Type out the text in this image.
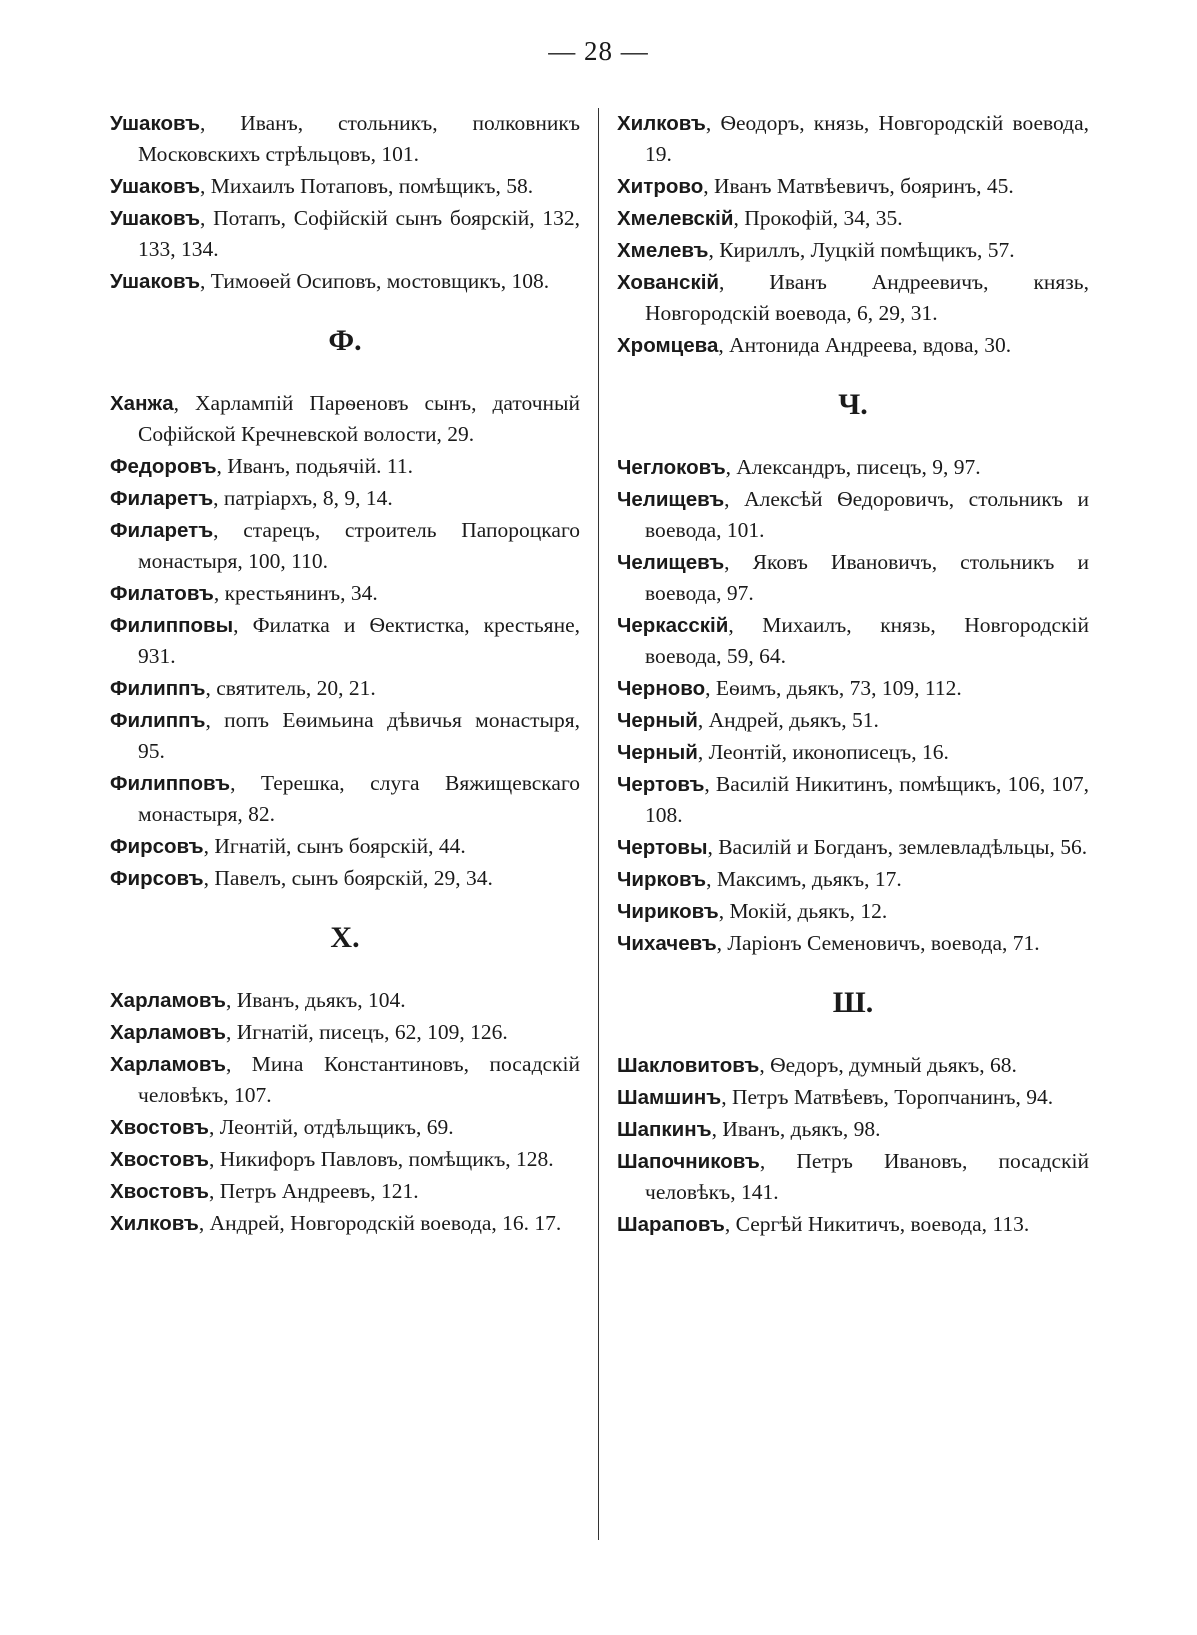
— 28 —

Ушаковъ, Иванъ, стольникъ, полковникъ Московскихъ стрѣльцовъ, 101.

Ушаковъ, Михаилъ Потаповъ, помѣщикъ, 58.

Ушаковъ, Потапъ, Софійскій сынъ боярскій, 132, 133, 134.

Ушаковъ, Тимоѳей Осиповъ, мостовщикъ, 108.

Ф.

Ханжа, Харлампій Парѳеновъ сынъ, даточный Софійской Кречневской волости, 29.

Федоровъ, Иванъ, подьячій. 11.

Филаретъ, патріархъ, 8, 9, 14.

Филаретъ, старецъ, строитель Папороцкаго монастыря, 100, 110.

Филатовъ, крестьянинъ, 34.

Филипповы, Филатка и Ѳектистка, крестьяне, 931.

Филиппъ, святитель, 20, 21.

Филиппъ, попъ Еѳимьина дѣвичья монастыря, 95.

Филипповъ, Терешка, слуга Вяжищевскаго монастыря, 82.

Фирсовъ, Игнатій, сынъ боярскій, 44.

Фирсовъ, Павелъ, сынъ боярскій, 29, 34.

X.

Харламовъ, Иванъ, дьякъ, 104.

Харламовъ, Игнатій, писецъ, 62, 109, 126.

Харламовъ, Мина Константиновъ, посадскій человѣкъ, 107.

Хвостовъ, Леонтій, отдѣльщикъ, 69.

Хвостовъ, Никифоръ Павловъ, помѣщикъ, 128.

Хвостовъ, Петръ Андреевъ, 121.

Хилковъ, Андрей, Новгородскій воевода, 16. 17.

Хилковъ, Ѳеодоръ, князь, Новгородскій воевода, 19.

Хитрово, Иванъ Матвѣевичъ, бояринъ, 45.

Хмелевскій, Прокофій, 34, 35.

Хмелевъ, Кириллъ, Луцкій помѣщикъ, 57.

Хованскій, Иванъ Андреевичъ, князь, Новгородскій воевода, 6, 29, 31.

Хромцева, Антонида Андреева, вдова, 30.

Ч.

Чеглоковъ, Александръ, писецъ, 9, 97.

Челищевъ, Алексѣй Ѳедоровичъ, стольникъ и воевода, 101.

Челищевъ, Яковъ Ивановичъ, стольникъ и воевода, 97.

Черкасскій, Михаилъ, князь, Новгородскій воевода, 59, 64.

Черново, Еѳимъ, дьякъ, 73, 109, 112.

Черный, Андрей, дьякъ, 51.

Черный, Леонтій, иконописецъ, 16.

Чертовъ, Василій Никитинъ, помѣщикъ, 106, 107, 108.

Чертовы, Василій и Богданъ, землевладѣльцы, 56.

Чирковъ, Максимъ, дьякъ, 17.

Чириковъ, Мокій, дьякъ, 12.

Чихачевъ, Ларіонъ Семеновичъ, воевода, 71.

Ш.

Шакловитовъ, Ѳедоръ, думный дьякъ, 68.

Шамшинъ, Петръ Матвѣевъ, Торопчанинъ, 94.

Шапкинъ, Иванъ, дьякъ, 98.

Шапочниковъ, Петръ Ивановъ, посадскій человѣкъ, 141.

Шараповъ, Сергѣй Никитичъ, воевода, 113.
